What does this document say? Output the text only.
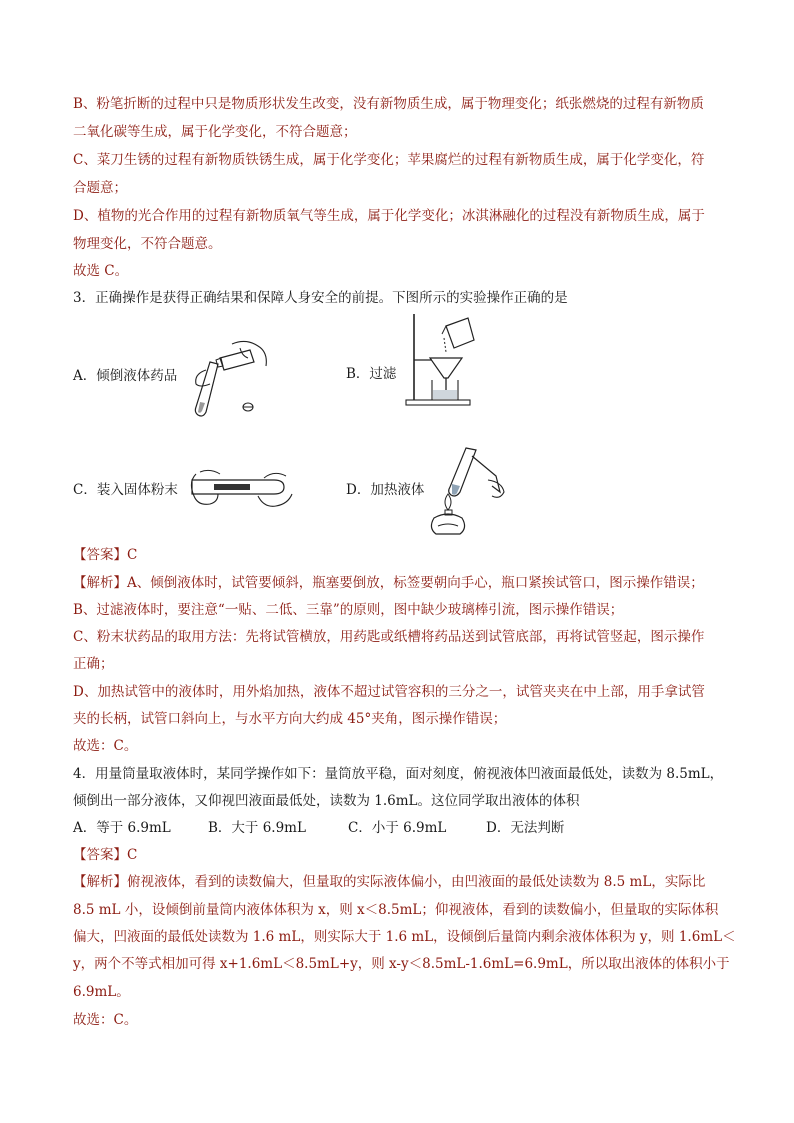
B、粉笔折断的过程中只是物质形状发生改变，没有新物质生成，属于物理变化；纸张燃烧的过程有新物质
二氧化碳等生成，属于化学变化，不符合题意；
C、菜刀生锈的过程有新物质铁锈生成，属于化学变化；苹果腐烂的过程有新物质生成，属于化学变化，符
合题意；
D、植物的光合作用的过程有新物质氧气等生成，属于化学变化；冰淇淋融化的过程没有新物质生成，属于
物理变化，不符合题意。
故选 C。
3．正确操作是获得正确结果和保障人身安全的前提。下图所示的实验操作正确的是
A．倾倒液体药品	B．过滤
C．装入固体粉末	D．加热液体
【答案】C
【解析】A、倾倒液体时，试管要倾斜，瓶塞要倒放，标签要朝向手心，瓶口紧挨试管口，图示操作错误；
B、过滤液体时，要注意“一贴、二低、三靠”的原则，图中缺少玻璃棒引流，图示操作错误；
C、粉末状药品的取用方法：先将试管横放，用药匙或纸槽将药品送到试管底部，再将试管竖起，图示操作
正确；
D、加热试管中的液体时，用外焰加热，液体不超过试管容积的三分之一，试管夹夹在中上部，用手拿试管
夹的长柄，试管口斜向上，与水平方向大约成 45°夹角，图示操作错误；
故选：C。
4．用量筒量取液体时，某同学操作如下：量筒放平稳，面对刻度，俯视液体凹液面最低处，读数为 8.5mL，
倾倒出一部分液体，又仰视凹液面最低处，读数为 1.6mL。这位同学取出液体的体积
A．等于 6.9mL	B．大于 6.9mL	C．小于 6.9mL	D．无法判断
【答案】C
【解析】俯视液体，看到的读数偏大，但量取的实际液体偏小，由凹液面的最低处读数为 8.5 mL，实际比
8.5 mL 小，设倾倒前量筒内液体体积为 x，则 x＜8.5mL；仰视液体，看到的读数偏小，但量取的实际体积
偏大，凹液面的最低处读数为 1.6 mL，则实际大于 1.6 mL，设倾倒后量筒内剩余液体体积为 y，则 1.6mL＜
y，两个不等式相加可得 x+1.6mL＜8.5mL+y，则 x-y＜8.5mL-1.6mL=6.9mL，所以取出液体的体积小于
6.9mL。
故选：C。
